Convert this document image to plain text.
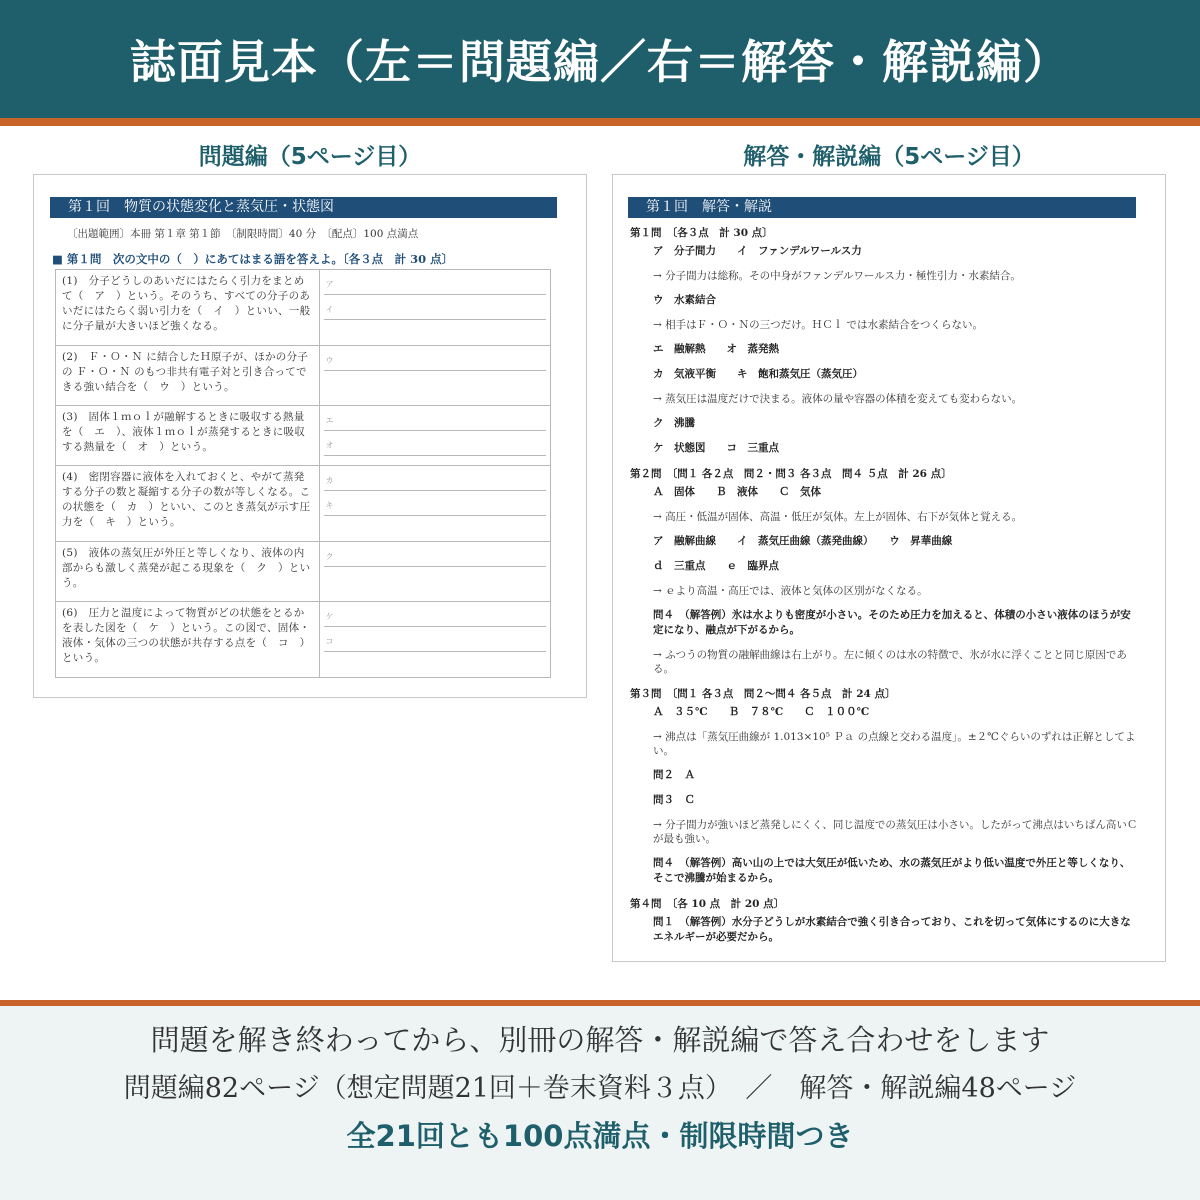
誌面見本（左＝問題編／右＝解答・解説編）
問題編（5ページ目）	解答・解説編（5ページ目）
第１回　物質の状態変化と蒸気圧・状態図
〔出題範囲〕本冊 第１章 第１節　〔制限時間〕40 分　〔配点〕100 点満点
■ 第１問　次の文中の（　）にあてはまる語を答えよ。〔各３点　計 30 点〕
(1)　分子どうしのあいだにはたらく引力をまとめて（　ア　）という。そのうち、すべての分子のあいだにはたらく弱い引力を（　イ　）といい、一般に分子量が大きいほど強くなる。	ア
イ

(2)　Ｆ・Ｏ・Ｎ に結合したＨ原子が、ほかの分子の Ｆ・Ｏ・Ｎ のもつ非共有電子対と引き合ってできる強い結合を（　ウ　）という。	ウ

(3)　固体１ｍｏｌが融解するときに吸収する熱量を（　エ　）、液体１ｍｏｌが蒸発するときに吸収する熱量を（　オ　）という。	エ
オ

(4)　密閉容器に液体を入れておくと、やがて蒸発する分子の数と凝縮する分子の数が等しくなる。この状態を（　カ　）といい、このとき蒸気が示す圧力を（　キ　）という。	カ
キ

(5)　液体の蒸気圧が外圧と等しくなり、液体の内部からも激しく蒸発が起こる現象を（　ク　）という。	ク

(6)　圧力と温度によって物質がどの状態をとるかを表した図を（　ケ　）という。この図で、固体・液体・気体の三つの状態が共存する点を（　コ　）という。	ケ
コ
第１回　解答・解説
第１問　〔各３点　計 30 点〕
ア　分子間力　　イ　ファンデルワールス力
→ 分子間力は総称。その中身がファンデルワールス力・極性引力・水素結合。
ウ　水素結合
→ 相手はＦ・Ｏ・Ｎの三つだけ。ＨＣｌ では水素結合をつくらない。
エ　融解熱　　オ　蒸発熱
カ　気液平衡　　キ　飽和蒸気圧（蒸気圧）
→ 蒸気圧は温度だけで決まる。液体の量や容器の体積を変えても変わらない。
ク　沸騰
ケ　状態図　　コ　三重点
第２問　〔問１ 各２点　問２・問３ 各３点　問４ ５点　計 26 点〕
Ａ　固体　　Ｂ　液体　　Ｃ　気体
→ 高圧・低温が固体、高温・低圧が気体。左上が固体、右下が気体と覚える。
ア　融解曲線　　イ　蒸気圧曲線（蒸発曲線）　　ウ　昇華曲線
ｄ　三重点　　ｅ　臨界点
→ ｅより高温・高圧では、液体と気体の区別がなくなる。
問４　（解答例）氷は水よりも密度が小さい。そのため圧力を加えると、体積の小さい液体のほうが安定になり、融点が下がるから。
→ ふつうの物質の融解曲線は右上がり。左に傾くのは水の特徴で、氷が水に浮くことと同じ原因である。
第３問　〔問１ 各３点　問２〜問４ 各５点　計 24 点〕
Ａ　３５℃　　Ｂ　７８℃　　Ｃ　１００℃
→ 沸点は「蒸気圧曲線が 1.013×10⁵ Ｐａ の点線と交わる温度」。±２℃ぐらいのずれは正解としてよい。
問２　Ａ
問３　Ｃ
→ 分子間力が強いほど蒸発しにくく、同じ温度での蒸気圧は小さい。したがって沸点はいちばん高いＣが最も強い。
問４　（解答例）高い山の上では大気圧が低いため、水の蒸気圧がより低い温度で外圧と等しくなり、そこで沸騰が始まるから。
第４問　〔各 10 点　計 20 点〕
問１　（解答例）水分子どうしが水素結合で強く引き合っており、これを切って気体にするのに大きなエネルギーが必要だから。
問題を解き終わってから、別冊の解答・解説編で答え合わせをします
問題編82ページ（想定問題21回＋巻末資料３点）　／　解答・解説編48ページ
全21回とも100点満点・制限時間つき
